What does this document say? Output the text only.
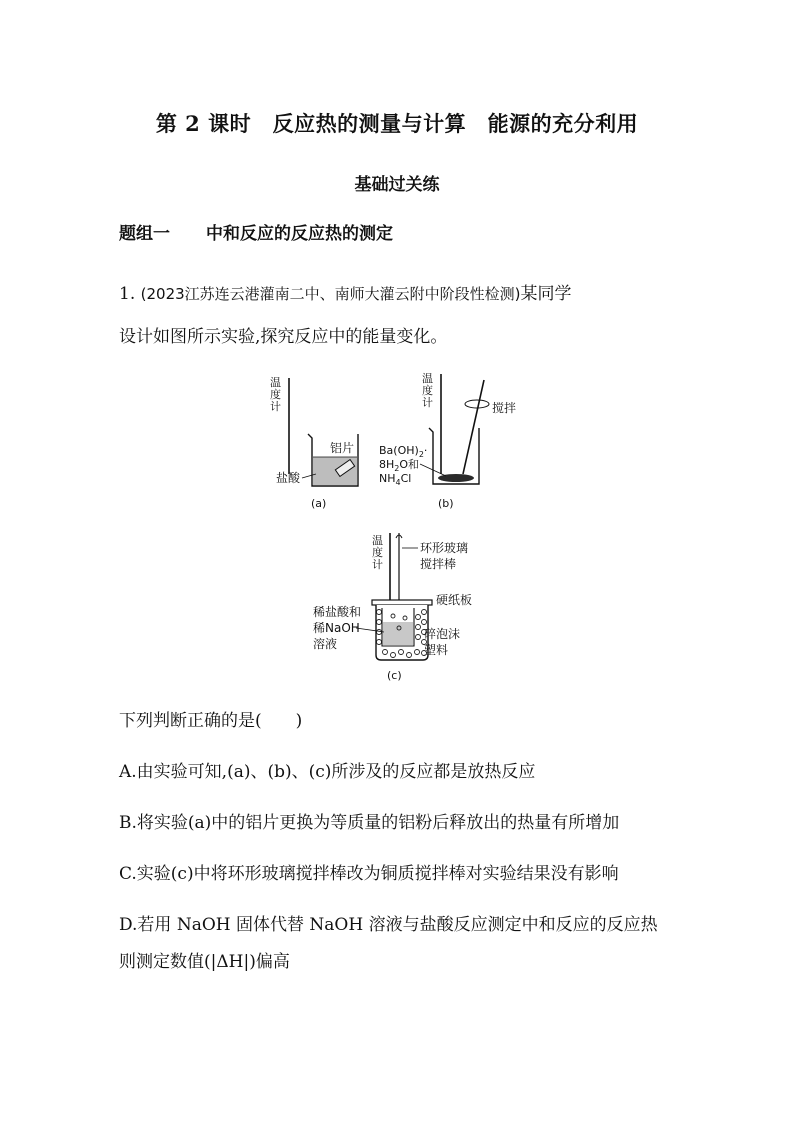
第 2 课时　反应热的测量与计算　能源的充分利用
基础过关练
题组一 中和反应的反应热的测定
1. (2023江苏连云港灌南二中、南师大灌云附中阶段性检测)某同学
设计如图所示实验,探究反应中的能量变化。
温
度
计
铝片
盐酸
(a)
温
度
计	搅拌
$Ba(OH)_2\cdot$
$8H_2O$和
$NH_4Cl$
(b)
温
度
计
环形玻璃
搅拌棒
硬纸板
稀盐酸和
稀NaOH
溶液
碎泡沫
塑料
(c)
下列判断正确的是(　　)
A.由实验可知,(a)、(b)、(c)所涉及的反应都是放热反应
B.将实验(a)中的铝片更换为等质量的铝粉后释放出的热量有所增加
C.实验(c)中将环形玻璃搅拌棒改为铜质搅拌棒对实验结果没有影响
D.若用 NaOH 固体代替 NaOH 溶液与盐酸反应测定中和反应的反应热
则测定数值(|ΔH|)偏高
